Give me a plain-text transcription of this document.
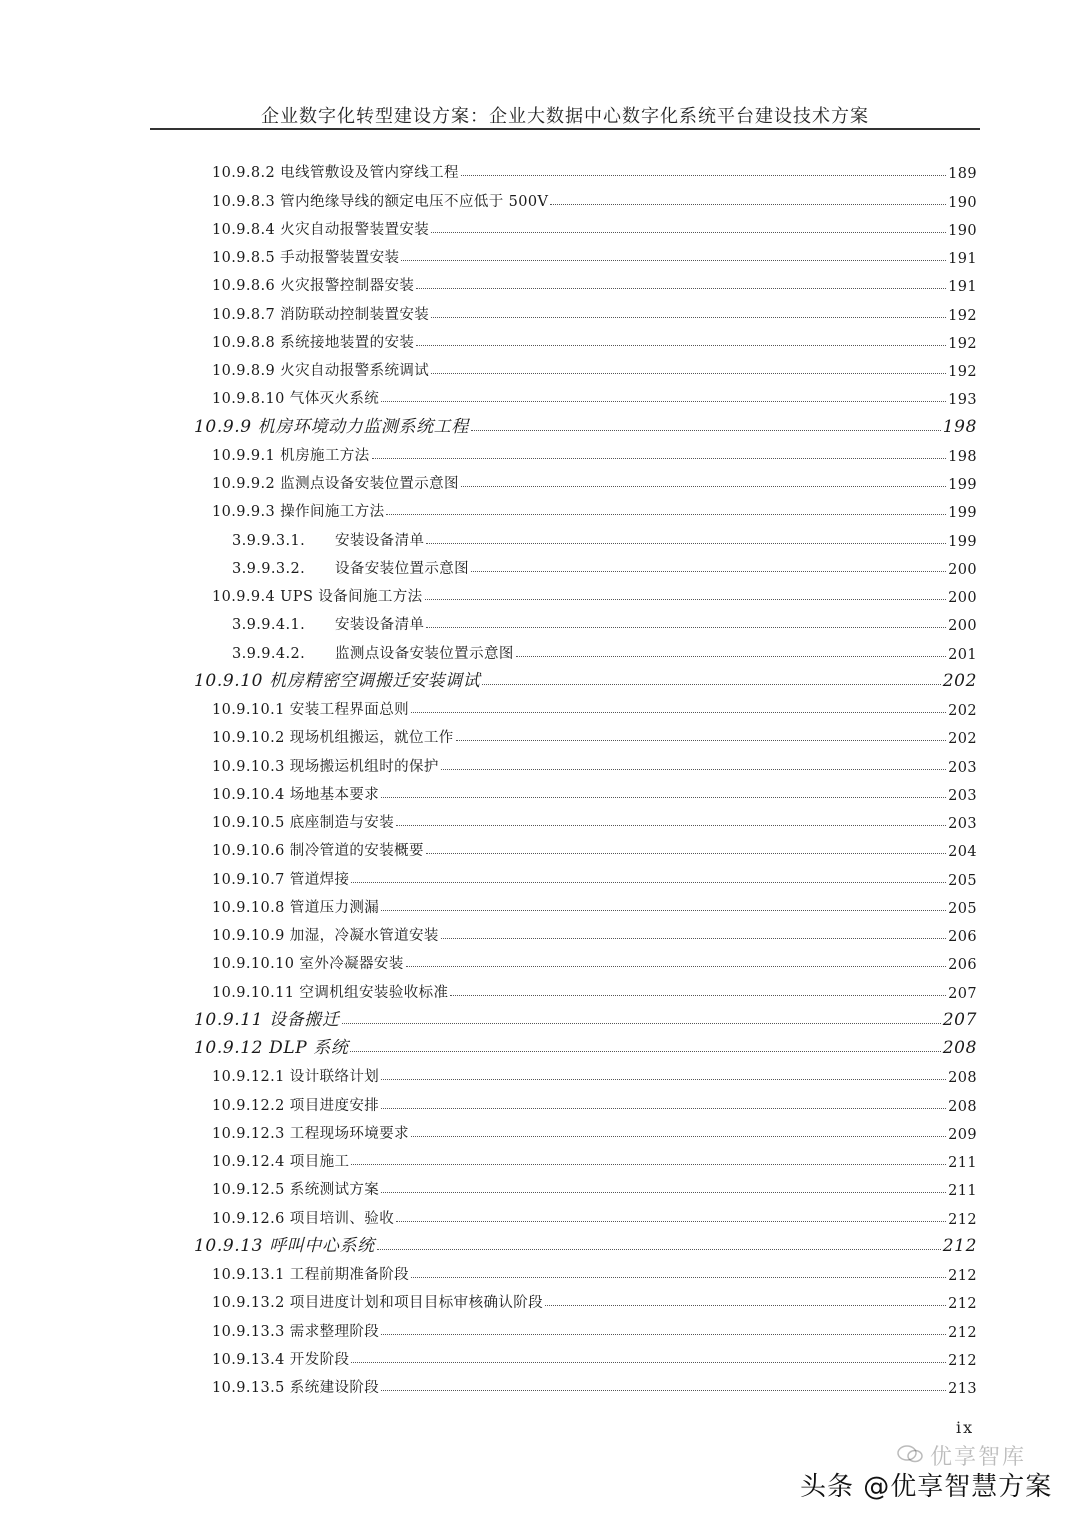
企业数字化转型建设方案：企业大数据中心数字化系统平台建设技术方案
10.9.8.2 电线管敷设及管内穿线工程	189
10.9.8.3 管内绝缘导线的额定电压不应低于 500V	190
10.9.8.4 火灾自动报警装置安装	190
10.9.8.5 手动报警装置安装	191
10.9.8.6 火灾报警控制器安装	191
10.9.8.7 消防联动控制装置安装	192
10.9.8.8 系统接地装置的安装	192
10.9.8.9 火灾自动报警系统调试	192
10.9.8.10 气体灭火系统	193
10.9.9 机房环境动力监测系统工程	198
10.9.9.1 机房施工方法	198
10.9.9.2 监测点设备安装位置示意图	199
10.9.9.3 操作间施工方法	199
3.9.9.3.1.　　安装设备清单	199
3.9.9.3.2.　　设备安装位置示意图	200
10.9.9.4 UPS 设备间施工方法	200
3.9.9.4.1.　　安装设备清单	200
3.9.9.4.2.　　监测点设备安装位置示意图	201
10.9.10 机房精密空调搬迁安装调试	202
10.9.10.1 安装工程界面总则	202
10.9.10.2 现场机组搬运，就位工作	202
10.9.10.3 现场搬运机组时的保护	203
10.9.10.4 场地基本要求	203
10.9.10.5 底座制造与安装	203
10.9.10.6 制冷管道的安装概要	204
10.9.10.7 管道焊接	205
10.9.10.8 管道压力测漏	205
10.9.10.9 加湿，冷凝水管道安装	206
10.9.10.10 室外冷凝器安装	206
10.9.10.11 空调机组安装验收标准	207
10.9.11 设备搬迁	207
10.9.12 DLP 系统	208
10.9.12.1 设计联络计划	208
10.9.12.2 项目进度安排	208
10.9.12.3 工程现场环境要求	209
10.9.12.4 项目施工	211
10.9.12.5 系统测试方案	211
10.9.12.6 项目培训、验收	212
10.9.13 呼叫中心系统	212
10.9.13.1 工程前期准备阶段	212
10.9.13.2 项目进度计划和项目目标审核确认阶段	212
10.9.13.3 需求整理阶段	212
10.9.13.4 开发阶段	212
10.9.13.5 系统建设阶段	213
ix
优享智库
头条 @优享智慧方案
